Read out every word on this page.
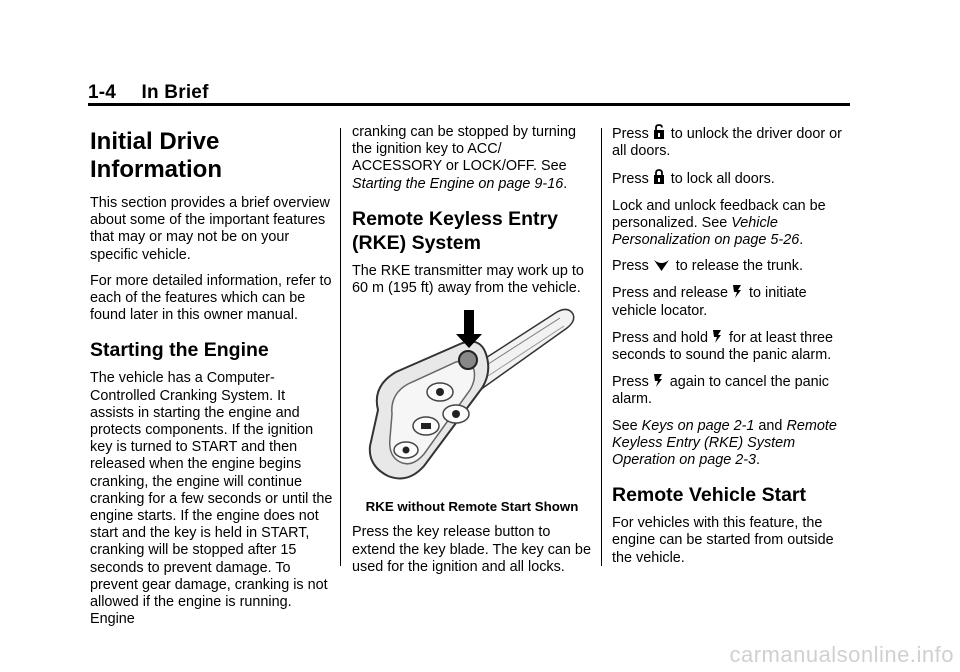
1-4 In Brief
Initial Drive Information

This section provides a brief overview about some of the important features that may or may not be on your specific vehicle.

For more detailed information, refer to each of the features which can be found later in this owner manual.

Starting the Engine

The vehicle has a Computer-Controlled Cranking System. It assists in starting the engine and protects components. If the ignition key is turned to START and then released when the engine begins cranking, the engine will continue cranking for a few seconds or until the engine starts. If the engine does not start and the key is held in START, cranking will be stopped after 15 seconds to prevent damage. To prevent gear damage, cranking is not allowed if the engine is running. Engine

cranking can be stopped by turning the ignition key to ACC/ ACCESSORY or LOCK/OFF. See Starting the Engine on page 9-16.

Remote Keyless Entry (RKE) System

The RKE transmitter may work up to 60 m (195 ft) away from the vehicle.

RKE without Remote Start Shown

Press the key release button to extend the key blade. The key can be used for the ignition and all locks.

Press to unlock the driver door or all doors.

Press to lock all doors.

Lock and unlock feedback can be personalized. See Vehicle Personalization on page 5-26.

Press to release the trunk.

Press and release to initiate vehicle locator.

Press and hold for at least three seconds to sound the panic alarm.

Press again to cancel the panic alarm.

See Keys on page 2-1 and Remote Keyless Entry (RKE) System Operation on page 2-3.

Remote Vehicle Start

For vehicles with this feature, the engine can be started from outside the vehicle.

carmanualsonline.info
